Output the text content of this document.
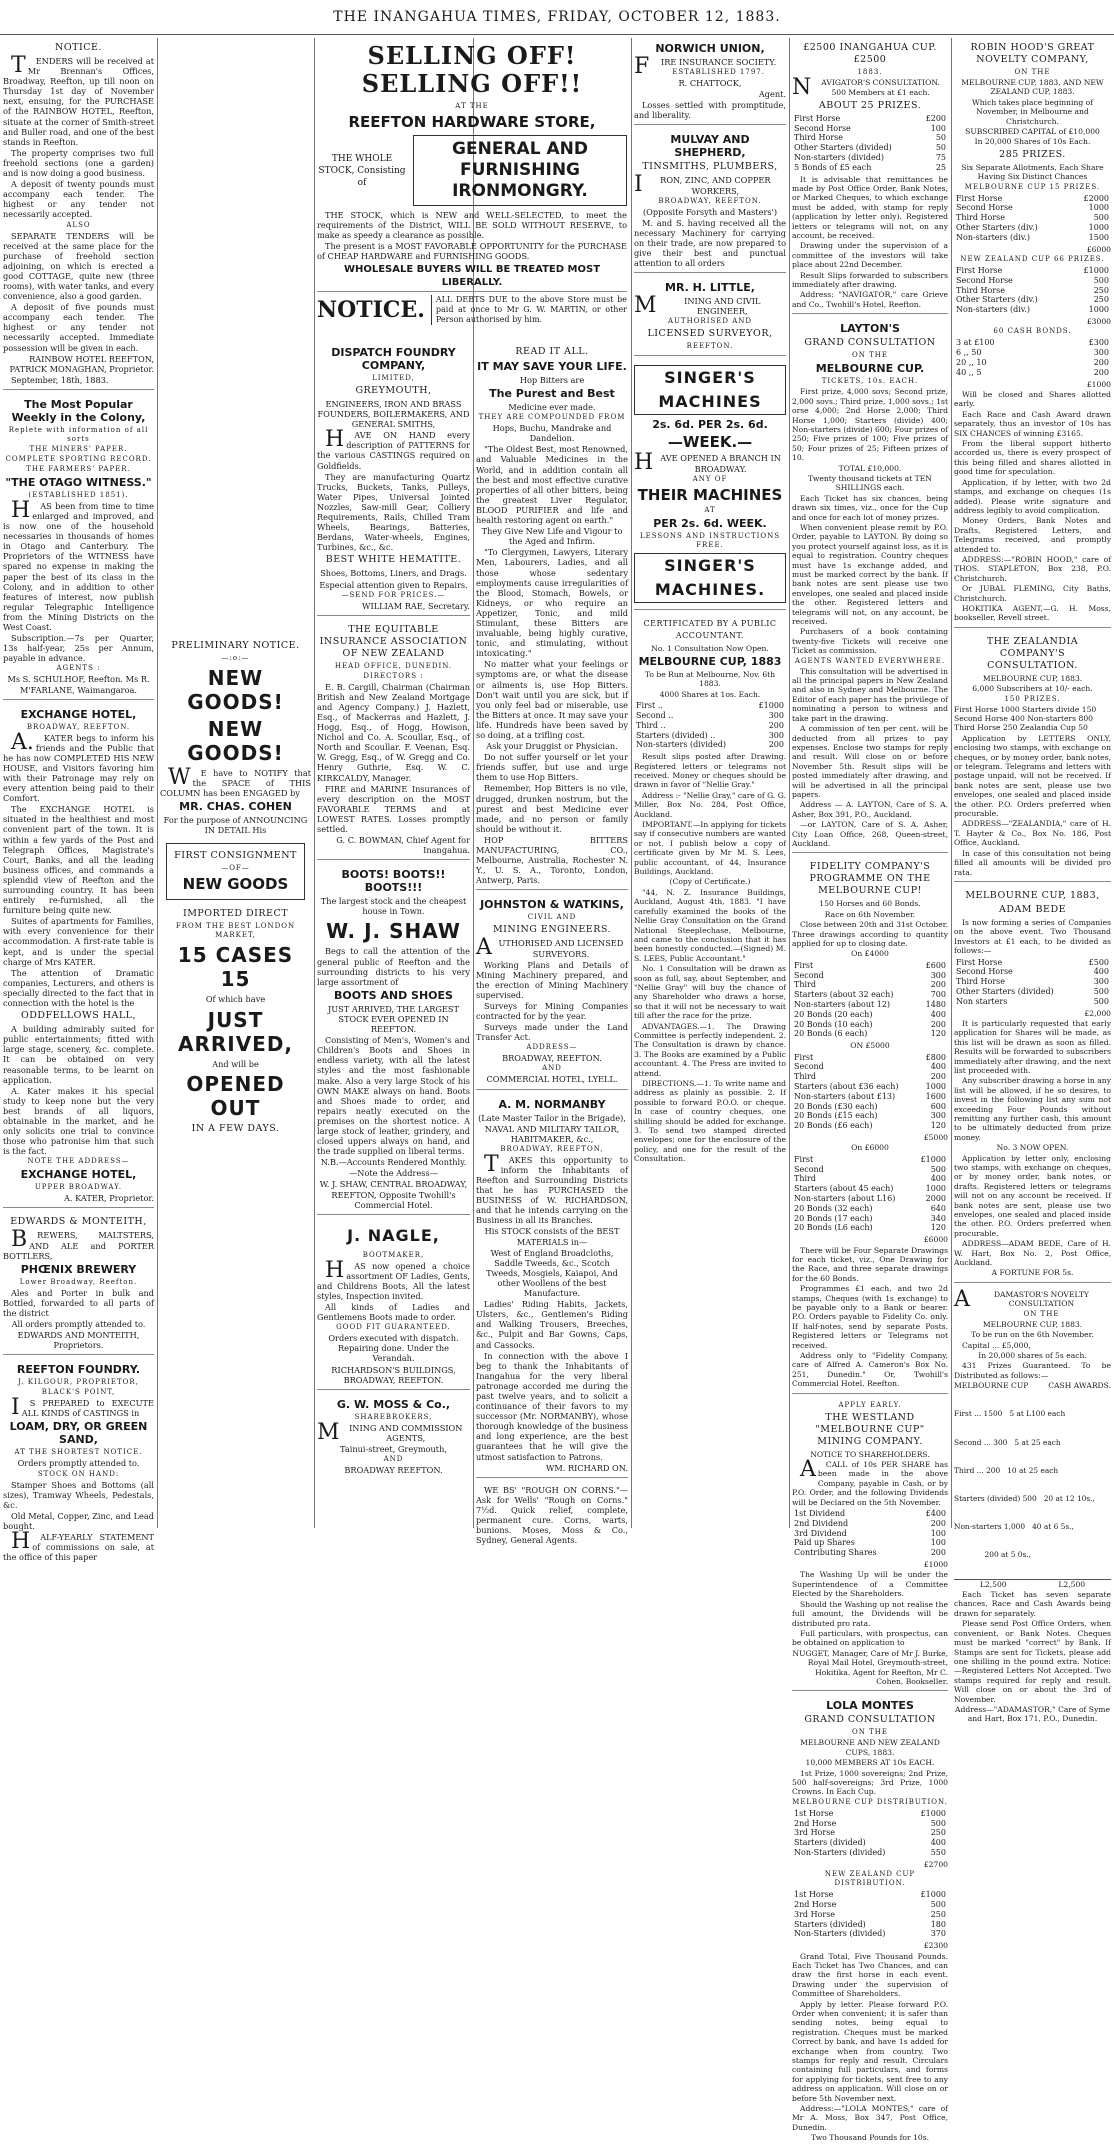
THE INANGAHUA TIMES, FRIDAY, OCTOBER 12, 1883.
NOTICE.

TENDERS will be received at Mr Brennan's Offices, Broadway, Reefton, up till noon on Thursday 1st day of November next, ensuing, for the PURCHASE of the RAINBOW HOTEL, Reefton, situate at the corner of Smith-street and Buller road, and one of the best stands in Reefton.

The property comprises two full freehold sections (one a garden) and is now doing a good business.

A deposit of twenty pounds must accompany each tender. The highest or any tender not necessarily accepted.

ALSO

SEPARATE TENDERS will be received at the same place for the purchase of freehold section adjoining, on which is erected a good COTTAGE, quite new (three rooms), with water tanks, and every convenience, also a good garden.

A deposit of five pounds must accompany each tender. The highest or any tender not necessarily accepted. Immediate possession will be given in each.

RAINBOW HOTEL REEFTON, PATRICK MONAGHAN, Proprietor.

September, 18th, 1883.

The Most Popular Weekly in the Colony,
Replete with information of all sorts
THE MINERS' PAPER.
COMPLETE SPORTING RECORD.
THE FARMERS' PAPER.
"THE OTAGO WITNESS."
(ESTABLISHED 1851).

HAS been from time to time enlarged and improved, and is now one of the household necessaries in thousands of homes in Otago and Canterbury. The Proprietors of the WITNESS have spared no expense in making the paper the best of its class in the Colony, and in addition to other features of interest, now publish regular Telegraphic Intelligence from the Mining Districts on the West Coast.

Subscription.—7s per Quarter, 13s half-year, 25s per Annum, payable in advance.

AGENTS :

Ms S. SCHULHOF, Reefton. Ms R. M'FARLANE, Waimangaroa.

EXCHANGE HOTEL,
BROADWAY, REEFTON.

A.KATER begs to inform his friends and the Public that he has now COMPLETED HIS NEW HOUSE, and Visitors favoring him with their Patronage may rely on every attention being paid to their Comfort.

The EXCHANGE HOTEL is situated in the healthiest and most convenient part of the town. It is within a few yards of the Post and Telegraph Offices, Magistrate's Court, Banks, and all the leading business offices, and commands a splendid view of Reefton and the surrounding country. It has been entirely re-furnished, all the furniture being quite new.

Suites of apartments for Families, with every convenience for their accommodation. A first-rate table is kept, and is under the special charge of Mrs KATER.

The attention of Dramatic companies, Lecturers, and others is specially directed to the fact that in connection with the hotel is the

ODDFELLOWS HALL,

A building admirably suited for public entertainments; fitted with large stage, scenery, &c. complete. It can be obtained on very reasonable terms, to be learnt on application.

A. Kater makes it his special study to keep none but the very best brands of all liquors, obtainable in the market, and he only solicits one trial to convince those who patronise him that such is the fact.

NOTE THE ADDRESS—
EXCHANGE HOTEL,
UPPER BROADWAY.

A. KATER, Proprietor.

EDWARDS & MONTEITH,

BREWERS, MALTSTERS, AND ALE and PORTER BOTTLERS,

PHŒNIX BREWERY
Lower Broadway, Reefton.

Ales and Porter in bulk and Bottled, forwarded to all parts of the district

All orders promptly attended to.

EDWARDS AND MONTEITH, Proprietors.

REEFTON FOUNDRY.
J. KILGOUR, PROPRIETOR,
BLACK'S POINT,

IS PREPARED to EXECUTE ALL KINDS of CASTINGS in

LOAM, DRY, OR GREEN SAND,
AT THE SHORTEST NOTICE.

Orders promptly attended to.

STOCK ON HAND:

Stamper Shoes and Bottoms (all sizes), Tramway Wheels, Pedestals, &c.

Old Metal, Copper, Zinc, and Lead bought.

HALF-YEARLY STATEMENT of commissions on sale, at the office of this paper

PRELIMINARY NOTICE.
—:o:—
NEW GOODS!
NEW GOODS!

WE have to NOTIFY that the SPACE of THIS COLUMN has been ENGAGED by

MR. CHAS. COHEN

For the purpose of ANNOUNCING IN DETAIL His

FIRST CONSIGNMENT
—OF—
NEW GOODS
IMPORTED DIRECT
FROM THE BEST LONDON MARKET,
15 CASES 15

Of which have

JUST ARRIVED,

And will be

OPENED OUT
IN A FEW DAYS.
SELLING OFF! SELLING OFF!!
AT THE
REEFTON HARDWARE STORE,
THE WHOLE STOCK, Consisting of
GENERAL AND FURNISHING IRONMONGRY.

THE STOCK, which is NEW and WELL-SELECTED, to meet the requirements of the District, WILL BE SOLD WITHOUT RESERVE, to make as speedy a clearance as possible.

The present is a MOST FAVORABLE OPPORTUNITY for the PURCHASE of CHEAP HARDWARE and FURNISHING GOODS.

WHOLESALE BUYERS WILL BE TREATED MOST LIBERALLY.
NOTICE.	ALL DEBTS DUE to the above Store must be paid at once to Mr G. W. MARTIN, or other Person authorised by him.
DISPATCH FOUNDRY COMPANY,
LIMITED,
GREYMOUTH,

ENGINEERS, IRON AND BRASS FOUNDERS, BOILERMAKERS, AND GENERAL SMITHS,

HAVE ON HAND every description of PATTERNS for the various CASTINGS required on Goldfields.

They are manufacturing Quartz Trucks, Buckets, Tanks, Pulleys, Water Pipes, Universal Jointed Nozzles, Saw-mill Gear, Colliery Requirements, Rails, Chilled Tram Wheels, Bearings, Batteries, Berdans, Water-wheels, Engines, Turbines, &c., &c.

BEST WHITE HEMATITE.

Shoes, Bottoms, Liners, and Drags.

Especial attention given to Repairs.

—SEND FOR PRICES.—

WILLIAM RAE, Secretary.

THE EQUITABLE INSURANCE ASSOCIATION OF NEW ZEALAND
HEAD OFFICE, DUNEDIN.
DIRECTORS :

E. B. Cargill, Chairman (Chairman British and New Zealand Mortgage and Agency Company.) J. Hazlett, Esq., of Mackerras and Hazlett, J. Hogg, Esq., of Hogg, Howison, Nichol and Co. A. Scoullar, Esq., of North and Scoullar. F. Veenan, Esq. W. Gregg, Esq., of W. Gregg and Co. Henry Guthrie, Esq. W. C. KIRKCALDY, Manager.

FIRE and MARINE Insurances of every description on the MOST FAVORABLE TERMS and at LOWEST RATES. Losses promptly settled.

G. C. BOWMAN, Chief Agent for Inangahua.

BOOTS! BOOTS!! BOOTS!!!

The largest stock and the cheapest house in Town.

W. J. SHAW

Begs to call the attention of the general public of Reefton and the surrounding districts to his very large assortment of

BOOTS AND SHOES

JUST ARRIVED, THE LARGEST STOCK EVER OPENED IN REEFTON.

Consisting of Men's, Women's and Children's Boots and Shoes in endless variety, with all the latest styles and the most fashionable make. Also a very large Stock of his OWN MAKE always on hand. Boots and Shoes made to order, and repairs neatly executed on the premises on the shortest notice. A large stock of leather, grindery, and closed uppers always on hand, and the trade supplied on liberal terms.

N.B.—Accounts Rendered Monthly.

—Note the Address—

W. J. SHAW, CENTRAL BROADWAY, REEFTON, Opposite Twohill's Commercial Hotel.

J. NAGLE,
BOOTMAKER,

HAS now opened a choice assortment OF Ladies, Gents, and Childrens Boots, All the latest styles, Inspection invited.

All kinds of Ladies and Gentlemens Boots made to order.

GOOD FIT GUARANTEED.

Orders executed with dispatch. Repairing done. Under the Verandah.

RICHARDSON'S BUILDINGS, BROADWAY, REEFTON.

G. W. MOSS & Co.,
SHAREBROKERS,

MINING AND COMMISSION AGENTS,

Tainui-street, Greymouth,

AND

BROADWAY REEFTON.

READ IT ALL.
IT MAY SAVE YOUR LIFE.

Hop Bitters are

The Purest and Best

Medicine ever made.

THEY ARE COMPOUNDED FROM

Hops, Buchu, Mandrake and Dandelion.

"The Oldest Best, most Renowned, and Valuable Medicines in the World, and in addition contain all the best and most effective curative properties of all other bitters, being the greatest Liver Regulator, BLOOD PURIFIER and life and health restoring agent on earth."

They Give New Life and Vigour to the Aged and Infirm.

"To Clergymen, Lawyers, Literary Men, Labourers, Ladies, and all those whose sedentary employments cause irregularities of the Blood, Stomach, Bowels, or Kidneys, or who require an Appetizer, Tonic, and mild Stimulant, these Bitters are invaluable, being highly curative, tonic, and stimulating, without intoxicating."

No matter what your feelings or symptoms are, or what the disease or ailments is, use Hop Bitters. Don't wait until you are sick, but if you only feel bad or miserable, use the Bitters at once. It may save your life. Hundreds have been saved by so doing, at a trifling cost.

Ask your Druggist or Physician.

Do not suffer yourself or let your friends suffer, but use and urge them to use Hop Bitters.

Remember, Hop Bitters is no vile, drugged, drunken nostrum, but the purest and best Medicine ever made, and no person or family should be without it.

HOP BITTERS MANUFACTURING, CO., Melbourne, Australia, Rochester N. Y., U. S. A., Toronto, London, Antwerp, Paris.

JOHNSTON & WATKINS,
CIVIL AND
MINING ENGINEERS.

AUTHORISED AND LICENSED SURVEYORS.

Working Plans and Details of Mining Machinery prepared, and the erection of Mining Machinery supervised.

Surveys for Mining Companies contracted for by the year.

Surveys made under the Land Transfer Act.

ADDRESS—

BROADWAY, REEFTON.

AND

COMMERCIAL HOTEL, LYELL.

A. M. NORMANBY

(Late Master Tailor in the Brigade),

NAVAL AND MILITARY TAILOR, HABITMAKER, &c.,

BROADWAY, REEFTON,

TAKES this opportunity to inform the Inhabitants of Reefton and Surrounding Districts that he has PURCHASED the BUSINESS of W. RICHARDSON, and that he intends carrying on the Business in all its Branches.

His STOCK consists of the BEST MATERIALS in—

West of England Broadcloths, Saddle Tweeds, &c., Scotch Tweeds, Mosgiels, Kaiapoi, And other Woollens of the best Manufacture.

Ladies' Riding Habits, Jackets, Ulsters, &c., Gentlemen's Riding and Walking Trousers, Breeches, &c., Pulpit and Bar Gowns, Caps, and Cassocks.

In connection with the above I beg to thank the Inhabitants of Inangahua for the very liberal patronage accorded me during the past twelve years, and to solicit a continuance of their favors to my successor (Mr. NORMANBY), whose thorough knowledge of the business and long experience, are the best guarantees that he will give the utmost satisfaction to Patrons.

WM. RICHARD ON.

WE BS' "ROUGH ON CORNS."—Ask for Wells' "Rough on Corns." 7½d. Quick relief, complete, permanent cure. Corns, warts, bunions. Moses, Moss & Co., Sydney, General Agents.

NORWICH UNION,

FIRE INSURANCE SOCIETY.

ESTABLISHED 1797.

R. CHATTOCK,

Agent.

Losses settled with promptitude, and liberality.

MULVAY AND SHEPHERD,
TINSMITHS, PLUMBERS,

IRON, ZINC, AND COPPER WORKERS,

BROADWAY, REEFTON.

(Opposite Forsyth and Masters')

M. and S. having received all the necessary Machinery for carrying on their trade, are now prepared to give their best and punctual attention to all orders

MR. H. LITTLE,

MINING AND CIVIL ENGINEER,

AUTHORISED AND
LICENSED SURVEYOR,
REEFTON.
SINGER'S MACHINES
2s. 6d. PER 2s. 6d.
—WEEK.—

HAVE OPENED A BRANCH IN BROADWAY.

ANY OF
THEIR MACHINES
AT
PER 2s. 6d. WEEK.
LESSONS AND INSTRUCTIONS FREE.
SINGER'S MACHINES.
CERTIFICATED BY A PUBLIC ACCOUNTANT.

No. 1 Consultation Now Open.

MELBOURNE CUP, 1883

To be Run at Melbourne, Nov. 6th 1883.

4000 Shares at 1os. Each.

First ..	£1000
Second ..	300
Third ..	200
Starters (divided) ..	300
Non-starters (divided)	200

Result slips posted after Drawing. Registered letters or telegrams not received. Money or cheques should be drawn in favor of "Nellie Gray."

Address :- "Nellie Gray," care of G. G. Miller, Box No. 284, Post Office, Auckland.

IMPORTANT.—In applying for tickets say if consecutive numbers are wanted or not. I publish below a copy of certificate given by Mr M. S. Lees, public accountant, of 44, Insurance Buildings, Auckland.

(Copy of Certificate.)

"44, N. Z. Insurance Buildings, Auckland, August 4th, 1883. "I have carefully examined the books of the Nellie Gray Consultation on the Grand National Steeplechase, Melbourne, and came to the conclusion that it has been honestly conducted.—(Signed) M. S. LEES, Public Accountant."

No. 1 Consultation will be drawn as soon as full, say, about September, and "Nellie Gray" will buy the chance of any Shareholder who draws a horse, so that it will not be necessary to wait till after the race for the prize.

ADVANTAGES.—1. The Drawing Committee is perfectly independent. 2. The Consultation is drawn by chance. 3. The Books are examined by a Public accountant. 4. The Press are invited to attend.

DIRECTIONS.—1. To write name and address as plainly as possible. 2. If possible to forward P.O.O. or cheque. In case of country cheques, one shilling should be added for exchange. 3. To send two stamped directed envelopes; one for the enclosure of the policy, and one for the result of the Consultation.

£2500 INANGAHUA CUP. £2500
1883.

NAVIGATOR'S CONSULTATION.

500 Members at £1 each.

ABOUT 25 PRIZES.
First Horse	£200
Second Horse	100
Third Horse	50
Other Starters (divided)	50
Non-starters (divided)	75
5 Bonds of £5 each	25

It is advisable that remittances be made by Post Office Order, Bank Notes, or Marked Cheques, to which exchange must be added, with stamp for reply (application by letter only). Registered letters or telegrams will not, on any account, be received.

Drawing under the supervision of a committee of the investors will take place about 22nd December.

Result Slips forwarded to subscribers immediately after drawing.

Address: "NAVIGATOR," care Grieve and Co., Twohill's Hotel, Reefton.

LAYTON'S
GRAND CONSULTATION
ON THE
MELBOURNE CUP.
TICKETS, 10s. EACH.

First prize, 4,000 sovs; Second prize, 2,000 sovs.; Third prize, 1,000 sovs.; 1st orse 4,000; 2nd Horse 2,000; Third Horse 1,000; Starters (divide) 400; Non-starters (divide) 600; Four prizes of 250; Five prizes of 100; Five prizes of 50; Four prizes of 25; Fifteen prizes of 10.

TOTAL £10,000.

Twenty thousand tickets at TEN SHILLINGS each.

Each Ticket has six chances, being drawn six times, viz., once for the Cup and once for each lot of money prizes.

When convenient please remit by P.O. Order, payable to LAYTON. By doing so you protect yourself against loss, as it is equal to registration. Country cheques must have 1s exchange added, and must be marked correct by the bank. If bank notes are sent please use two envelopes, one sealed and placed inside the other. Registered letters and telegrams will not, on any account, be received.

Purchasers of a book containing twenty-five Tickets will receive one Ticket as commission.

AGENTS WANTED EVERYWHERE.

This consultation will be advertised in all the principal papers in New Zealand and also in Sydney and Melbourne. The Editor of each paper has the privilege of nominating a person to witness and take part in the drawing.

A commission of ten per cent. will be deducted from all prizes to pay expenses. Enclose two stamps for reply and result. Will close on or before November 5th. Result slips will be posted immediately after drawing, and will be advertised in all the principal papers.

Address — A. LAYTON, Care of S. A. Asher, Box 391, P.O., Auckland.

—or LAYTON, Care of S. A. Asher, City Loan Office, 268, Queen-street, Auckland.

FIDELITY COMPANY'S PROGRAMME ON THE MELBOURNE CUP!

150 Horses and 60 Bonds.

Race on 6th November.

Close between 20th and 31st October. Three drawings according to quantity applied for up to closing date.

On £4000

First	£600
Second	300
Third	200
Starters (about 32 each)	700
Non-starters (about 12)	1480
20 Bonds (20 each)	400
20 Bonds (10 each)	200
20 Bonds (6 each)	120

ON £5000

First	£800
Second	400
Third	200
Starters (about £36 each)	1000
Non-starters (about £13)	1600
20 Bonds (£30 each)	600
20 Bonds (£15 each)	300
20 Bonds (£6 each)	120

£5000

On £6000

First	£1000
Second	500
Third	400
Starters (about 45 each)	1000
Non-starters (about L16)	2000
20 Bonds (32 each)	640
20 Bonds (17 each)	340
20 Bonds (L6 each)	120

£6000

There will be Four Separate Drawings for each ticket, viz., One Drawing for the Race, and three separate drawings for the 60 Bonds.

Programmes £1 each, and two 2d stamps, Cheques (with 1s exchange) to be payable only to a Bank or bearer. P.O. Orders payable to Fidelity Co. only. If half-notes, send by separate Posts. Registered letters or Telegrams not received.

Address only to "Fidelity Company, care of Alfred A. Cameron's Box No. 251, Dunedin." Or, Twohill's Commercial Hotel, Reefton.

APPLY EARLY.
THE WESTLAND "MELBOURNE CUP" MINING COMPANY.

NOTICE TO SHAREHOLDERS.

ACALL of 10s PER SHARE has been made in the above Company, payable in Cash, or by P.O. Order, and the following Dividends will be Declared on the 5th November.

1st Dividend	£400
2nd Dividend	200
3rd Dividend	100
Paid up Shares	100
Contributing Shares	200

£1000

The Washing Up will be under the Superintendence of a Committee Elected by the Shareholders.

Should the Washing up not realise the full amount, the Dividends will be distributed pro rata.

Full particulars, with prospectus, can be obtained on application to

NUGGET, Manager, Care of Mr J. Burke, Royal Mail Hotel, Greymouth-street, Hokitika. Agent for Reefton, Mr C. Cohen, Bookseller.

LOLA MONTES
GRAND CONSULTATION
ON THE

MELBOURNE AND NEW ZEALAND CUPS, 1883.

10,000 MEMBERS AT 10s EACH.

1st Prize, 1000 sovereigns; 2nd Prize, 500 half-sovereigns; 3rd Prize, 1000 Crowns. In Each Cup.

MELBOURNE CUP DISTRIBUTION.
1st Horse	£1000
2nd Horse	500
3rd Horse	250
Starters (divided)	400
Non-Starters (divided)	550

£2700

NEW ZEALAND CUP DISTRIBUTION.
1st Horse	£1000
2nd Horse	500
3rd Horse	250
Starters (divided)	180
Non-Starters (divided)	370

£2300

Grand Total, Five Thousand Pounds. Each Ticket has Two Chances, and can draw the first horse in each event. Drawing under the supervision of Committee of Shareholders.

Apply by letter. Please forward P.O. Order when convenient; it is safer than sending notes, being equal to registration. Cheques must be marked Correct by bank, and have 1s added for exchange when from country. Two stamps for reply and result. Circulars containing full particulars, and forms for applying for tickets, sent free to any address on application. Will close on or before 5th November next.

Address:—"LOLA MONTES," care of Mr A. Moss, Box 347, Post Office, Dunedin.

Two Thousand Pounds for 10s.

ROBIN HOOD'S GREAT NOVELTY COMPANY,
ON THE

MELBOURNE CUP, 1883, AND NEW ZEALAND CUP, 1883.

Which takes place beginning of November, in Melbourne and Christchurch.

SUBSCRIBED CAPITAL of £10,000

In 20,000 Shares of 10s Each.

285 PRIZES.

Six Separate Allotments, Each Share Having Six Distinct Chances

MELBOURNE CUP 15 PRIZES.
First Horse	£2000
Second Horse	1000
Third Horse	500
Other Starters (div.)	1000
Non-starters (div.)	1500

£6000

NEW ZEALAND CUP 66 PRIZES.
First Horse	£1000
Second Horse	500
Third Horse	250
Other Starters (div.)	250
Non-starters (div.)	1000

£3000

60 CASH BONDS.
3 at £100	£300
6 ,, 50	300
20 ,, 10	200
40 ,, 5	200

£1000

Will be closed and Shares allotted early.

Each Race and Cash Award drawn separately, thus an investor of 10s has SIX CHANCES of winning £3165.

From the liberal support hitherto accorded us, there is every prospect of this being filled and shares allotted in good time for speculation.

Application, if by letter, with two 2d stamps, and exchange on cheques (1s added). Please write signature and address legibly to avoid complication.

Money Orders, Bank Notes and Drafts, Registered Letters, and Telegrams received, and promptly attended to.

ADDRESS:—"ROBIN HOOD," care of THOS. STAPLETON, Box 238, P.O. Christchurch.

Or JUBAL FLEMING, City Baths, Christchurch.

HOKITIKA AGENT,—G. H. Moss, bookseller, Revell street.

THE ZEALANDIA COMPANY'S CONSULTATION.

MELBOURNE CUP, 1883.

6,000 Subscribers at 10/- each.

150 PRIZES.
First Horse 1000 Starters divide 150
Second Horse 400 Non-starters 800
Third Horse 250 Zealandia Cup 50

Application by LETTERS ONLY, enclosing two stamps, with exchange on cheques, or by money order, bank notes, or telegram. Telegrams and letters with postage unpaid, will not be received. If bank notes are sent, please use two envelopes, one sealed and placed inside the other. P.O. Orders preferred when procurable.

ADDRESS—"ZEALANDIA," care of H. T. Hayter & Co., Box No. 186, Post Office, Auckland.

In case of this consultation not being filled all amounts will be divided pro rata.

MELBOURNE CUP, 1883,
ADAM BEDE

Is now forming a series of Companies on the above event. Two Thousand Investors at £1 each, to be divided as follows:—

First Horse	£500
Second Horse	400
Third Horse	300
Other Starters (divided)	500
Non starters	500

£2,000

It is particularly requested that early application for Shares will be made, as this list will be drawn as soon as filled. Results will be forwarded to subscribers immediately after drawing, and the next list proceeded with.

Any subscriber drawing a horse in any list will be allowed, if he so desires, to invest in the following list any sum not exceeding Four Pounds without remitting any further cash, this amount to be ultimately deducted from prize money.

No. 3 NOW OPEN.

Application by letter only, enclosing two stamps, with exchange on cheques, or by money order, bank notes, or drafts. Registered letters or telegrams will not on any account be received. If bank notes are sent, please use two envelopes, one sealed and placed inside the other. P.O. Orders preferred when procurable.

ADDRESS—ADAM BEDE, Care of H. W. Hart, Box No. 2, Post Office, Auckland.

A FORTUNE FOR 5s.

ADAMASTOR'S NOVELTY CONSULTATION

ON THE

MELBOURNE CUP, 1883.

To be run on the 6th November.

Capital ... £5,000,

In 20,000 shares of 5s each.

431 Prizes Guaranteed. To be Distributed as follows:—

MELBOURNE CUP	CASH AWARDS.

First ... 1500   5 at L100 each

Second ... 300   5 at 25 each

Third ... 200   10 at 25 each

Starters (divided) 500   20 at 12 10s.,

Non-starters 1,000   40 at 6 5s.,

200 at 5 0s.,

L2,500	L2,500

Each Ticket has seven separate chances, Race and Cash Awards being drawn for separately.

Please send Post Office Orders, when convenient, or Bank Notes. Cheques must be marked "correct" by Bank. If Stamps are sent for Tickets, please add one shilling in the pound extra. Notice:—Registered Letters Not Accepted. Two stamps required for reply and result. Will close on or about the 3rd of November.

Address—"ADAMASTOR," Care of Syme and Hart, Box 171, P.O., Dunedin.
